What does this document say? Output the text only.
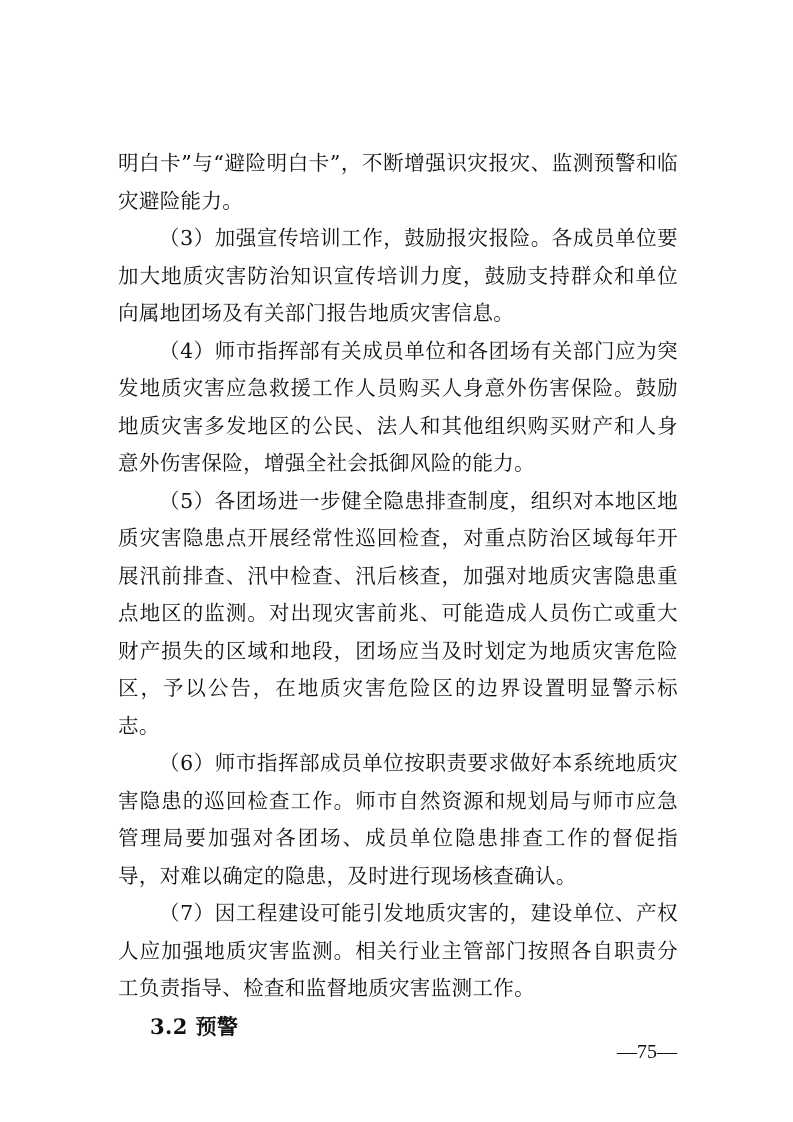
明白卡”与“避险明白卡”，不断增强识灾报灾、监测预警和临灾避险能力。

（3）加强宣传培训工作，鼓励报灾报险。各成员单位要加大地质灾害防治知识宣传培训力度，鼓励支持群众和单位向属地团场及有关部门报告地质灾害信息。

（4）师市指挥部有关成员单位和各团场有关部门应为突发地质灾害应急救援工作人员购买人身意外伤害保险。鼓励地质灾害多发地区的公民、法人和其他组织购买财产和人身意外伤害保险，增强全社会抵御风险的能力。

（5）各团场进一步健全隐患排查制度，组织对本地区地质灾害隐患点开展经常性巡回检查，对重点防治区域每年开展汛前排查、汛中检查、汛后核查，加强对地质灾害隐患重点地区的监测。对出现灾害前兆、可能造成人员伤亡或重大财产损失的区域和地段，团场应当及时划定为地质灾害危险区，予以公告，在地质灾害危险区的边界设置明显警示标志。

（6）师市指挥部成员单位按职责要求做好本系统地质灾害隐患的巡回检查工作。师市自然资源和规划局与师市应急管理局要加强对各团场、成员单位隐患排查工作的督促指导，对难以确定的隐患，及时进行现场核查确认。

（7）因工程建设可能引发地质灾害的，建设单位、产权人应加强地质灾害监测。相关行业主管部门按照各自职责分工负责指导、检查和监督地质灾害监测工作。

3.2 预警
—75—
